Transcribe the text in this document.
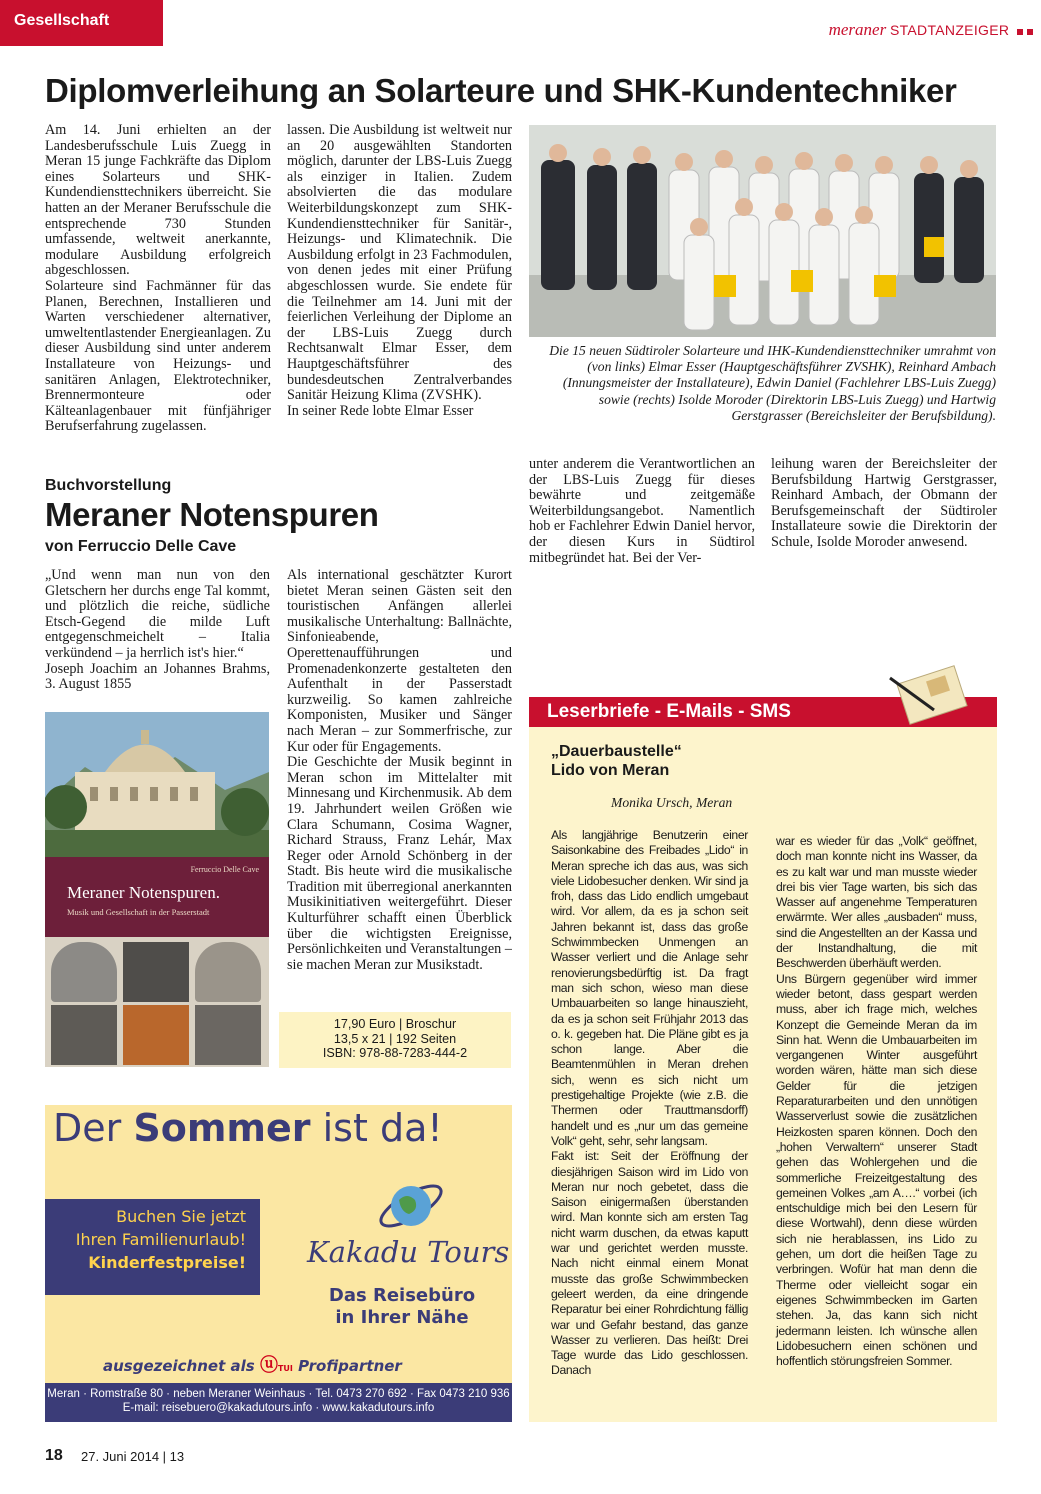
Gesellschaft	meraner STADTANZEIGER
Diplomverleihung an Solarteure und SHK-Kundentechniker
Am 14. Juni erhielten an der Landesberufsschule Luis Zuegg in Meran 15 junge Fachkräfte das Diplom eines Solarteurs und SHK-Kundendiensttechnikers überreicht. Sie hatten an der Meraner Berufsschule die entsprechende 730 Stunden umfassende, weltweit anerkannte, modulare Ausbildung erfolgreich abgeschlossen.
Solarteure sind Fachmänner für das Planen, Berechnen, Installieren und Warten verschiedener alternativer, umweltentlastender Energieanlagen. Zu dieser Ausbildung sind unter anderem Installateure von Heizungs- und sanitären Anlagen, Elektrotechniker, Brennermonteure oder Kälteanlagenbauer mit fünfjähriger Berufserfahrung zugelassen.
lassen. Die Ausbildung ist weltweit nur an 20 ausgewählten Standorten möglich, darunter der LBS-Luis Zuegg als einziger in Italien. Zudem absolvierten die das modulare Weiterbildungskonzept zum SHK-Kundendiensttechniker für Sanitär-, Heizungs- und Klimatechnik. Die Ausbildung erfolgt in 23 Fachmodulen, von denen jedes mit einer Prüfung abgeschlossen wurde. Sie endete für die Teilnehmer am 14. Juni mit der feierlichen Verleihung der Diplome an der LBS-Luis Zuegg durch Rechtsanwalt Elmar Esser, dem Hauptgeschäftsführer des bundesdeutschen Zentralverbandes Sanitär Heizung Klima (ZVSHK).
In seiner Rede lobte Elmar Esser
Die 15 neuen Südtiroler Solarteure und IHK-Kundendiensttechniker umrahmt von (von links) Elmar Esser (Hauptgeschäftsführer ZVSHK), Reinhard Ambach (Innungsmeister der Installateure), Edwin Daniel (Fachlehrer LBS-Luis Zuegg) sowie (rechts) Isolde Moroder (Direktorin LBS-Luis Zuegg) und Hartwig Gerstgrasser (Bereichsleiter der Berufsbildung).
unter anderem die Verantwortlichen an der LBS-Luis Zuegg für dieses bewährte und zeitgemäße Weiterbildungsangebot. Namentlich hob er Fachlehrer Edwin Daniel hervor, der diesen Kurs in Südtirol mitbegründet hat. Bei der Ver-
leihung waren der Bereichsleiter der Berufsbildung Hartwig Gerstgrasser, Reinhard Ambach, der Obmann der Berufsgemeinschaft der Südtiroler Installateure sowie die Direktorin der Schule, Isolde Moroder anwesend.
Buchvorstellung
Meraner Notenspuren
von Ferruccio Delle Cave
„Und wenn man nun von den Gletschern her durchs enge Tal kommt, und plötzlich die reiche, südliche Etsch-Gegend die milde Luft entgegenschmeichelt – Italia verkündend – ja herrlich ist's hier.“
Joseph Joachim an Johannes Brahms, 3. August 1855
Als international geschätzter Kurort bietet Meran seinen Gästen seit den touristischen Anfängen allerlei musikalische Unterhaltung: Ballnächte, Sinfonieabende, Operettenaufführungen und Promenadenkonzerte gestalteten den Aufenthalt in der Passerstadt kurzweilig. So kamen zahlreiche Komponisten, Musiker und Sänger nach Meran – zur Sommerfrische, zur Kur oder für Engagements.
Die Geschichte der Musik beginnt in Meran schon im Mittelalter mit Minnesang und Kirchenmusik. Ab dem 19. Jahrhundert weilen Größen wie Clara Schumann, Cosima Wagner, Richard Strauss, Franz Lehár, Max Reger oder Arnold Schönberg in der Stadt. Bis heute wird die musikalische Tradition mit überregional anerkannten Musikinitiativen weitergeführt. Dieser Kulturführer schafft einen Überblick über die wichtigsten Ereignisse, Persönlichkeiten und Veranstaltungen – sie machen Meran zur Musikstadt.
Ferruccio Delle Cave
Meraner Notenspuren.
Musik und Gesellschaft in der Passerstadt
17,90 Euro | Broschur
13,5 x 21 | 192 Seiten
ISBN: 978-88-7283-444-2
Der Sommer ist da!
Buchen Sie jetzt
Ihren Familienurlaub!
Kinderfestpreise!	Kakadu Tours
Das Reisebüro
in Ihrer Nähe
ausgezeichnet als ⓤTUI Profipartner
Meran · Romstraße 80 · neben Meraner Weinhaus · Tel. 0473 270 692 · Fax 0473 210 936
E-mail: reisebuero@kakadutours.info · www.kakadutours.info
Leserbriefe - E-Mails - SMS
„Dauerbaustelle“
Lido von Meran
Monika Ursch, Meran
Als langjährige Benutzerin einer Saisonkabine des Freibades „Lido“ in Meran spreche ich das aus, was sich viele Lidobesucher denken. Wir sind ja froh, dass das Lido endlich umgebaut wird. Vor allem, da es ja schon seit Jahren bekannt ist, dass das große Schwimmbecken Unmengen an Wasser verliert und die Anlage sehr renovierungsbedürftig ist. Da fragt man sich schon, wieso man diese Umbauarbeiten so lange hinauszieht, da es ja schon seit Frühjahr 2013 das o. k. gegeben hat. Die Pläne gibt es ja schon lange. Aber die Beamtenmühlen in Meran drehen sich, wenn es sich nicht um prestigehaltige Projekte (wie z.B. die Thermen oder Trauttmansdorff) handelt und es „nur um das gemeine Volk“ geht, sehr, sehr langsam.
Fakt ist: Seit der Eröffnung der diesjährigen Saison wird im Lido von Meran nur noch gebetet, dass die Saison einigermaßen überstanden wird. Man konnte sich am ersten Tag nicht warm duschen, da etwas kaputt war und gerichtet werden musste. Nach nicht einmal einem Monat musste das große Schwimmbecken geleert werden, da eine dringende Reparatur bei einer Rohrdichtung fällig war und Gefahr bestand, das ganze Wasser zu verlieren. Das heißt: Drei Tage wurde das Lido geschlossen. Danach
war es wieder für das „Volk“ geöffnet, doch man konnte nicht ins Wasser, da es zu kalt war und man musste wieder drei bis vier Tage warten, bis sich das Wasser auf angenehme Temperaturen erwärmte. Wer alles „ausbaden“ muss, sind die Angestellten an der Kassa und der Instandhaltung, die mit Beschwerden überhäuft werden.
Uns Bürgern gegenüber wird immer wieder betont, dass gespart werden muss, aber ich frage mich, welches Konzept die Gemeinde Meran da im Sinn hat. Wenn die Umbauarbeiten im vergangenen Winter ausgeführt worden wären, hätte man sich diese Gelder für die jetzigen Reparaturarbeiten und den unnötigen Wasserverlust sowie die zusätzlichen Heizkosten sparen können. Doch den „hohen Verwaltern“ unserer Stadt gehen das Wohlergehen und die sommerliche Freizeitgestaltung des gemeinen Volkes „am A….“ vorbei (ich entschuldige mich bei den Lesern für diese Wortwahl), denn diese würden sich nie herablassen, ins Lido zu gehen, um dort die heißen Tage zu verbringen. Wofür hat man denn die Therme oder vielleicht sogar ein eigenes Schwimmbecken im Garten stehen. Ja, das kann sich nicht jedermann leisten. Ich wünsche allen Lidobesuchern einen schönen und hoffentlich störungsfreien Sommer.
18 27. Juni 2014 | 13
